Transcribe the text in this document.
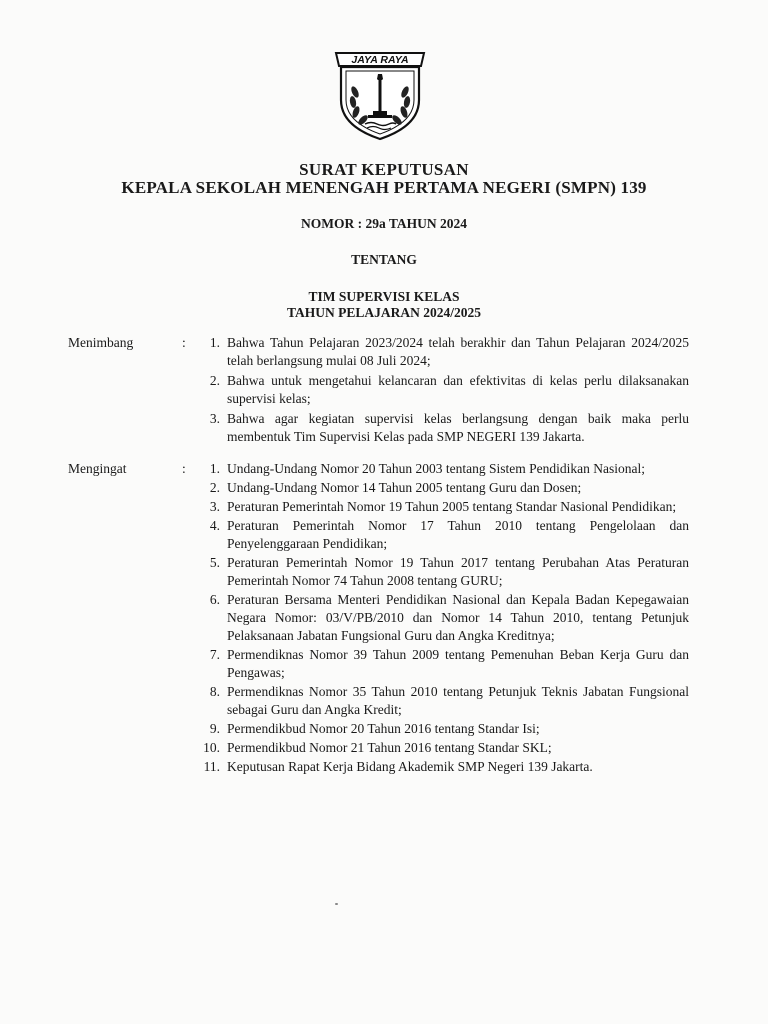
JAYA RAYA
SURAT KEPUTUSAN
KEPALA SEKOLAH MENENGAH PERTAMA NEGERI (SMPN) 139
NOMOR : 29a TAHUN 2024
TENTANG
TIM SUPERVISI KELAS
TAHUN PELAJARAN 2024/2025
Menimbang	:	1. Bahwa Tahun Pelajaran 2023/2024 telah berakhir dan Tahun Pelajaran 2024/2025 telah berlangsung mulai 08 Juli 2024;
2. Bahwa untuk mengetahui kelancaran dan efektivitas di kelas perlu dilaksanakan supervisi kelas;
3. Bahwa agar kegiatan supervisi kelas berlangsung dengan baik maka perlu membentuk Tim Supervisi Kelas pada SMP NEGERI 139 Jakarta.
Mengingat	:	1. Undang-Undang Nomor 20 Tahun 2003 tentang Sistem Pendidikan Nasional;
2. Undang-Undang Nomor 14 Tahun 2005 tentang Guru dan Dosen;
3. Peraturan Pemerintah Nomor 19 Tahun 2005 tentang Standar Nasional Pendidikan;
4. Peraturan Pemerintah Nomor 17 Tahun 2010 tentang Pengelolaan dan Penyelenggaraan Pendidikan;
5. Peraturan Pemerintah Nomor 19 Tahun 2017 tentang Perubahan Atas Peraturan Pemerintah Nomor 74 Tahun 2008 tentang GURU;
6. Peraturan Bersama Menteri Pendidikan Nasional dan Kepala Badan Kepegawaian Negara Nomor: 03/V/PB/2010 dan Nomor 14 Tahun 2010, tentang Petunjuk Pelaksanaan Jabatan Fungsional Guru dan Angka Kreditnya;
7. Permendiknas Nomor 39 Tahun 2009 tentang Pemenuhan Beban Kerja Guru dan Pengawas;
8. Permendiknas Nomor 35 Tahun 2010 tentang Petunjuk Teknis Jabatan Fungsional sebagai Guru dan Angka Kredit;
9. Permendikbud Nomor 20 Tahun 2016 tentang Standar Isi;
10. Permendikbud Nomor 21 Tahun 2016 tentang Standar SKL;
11. Keputusan Rapat Kerja Bidang Akademik SMP Negeri 139 Jakarta.
